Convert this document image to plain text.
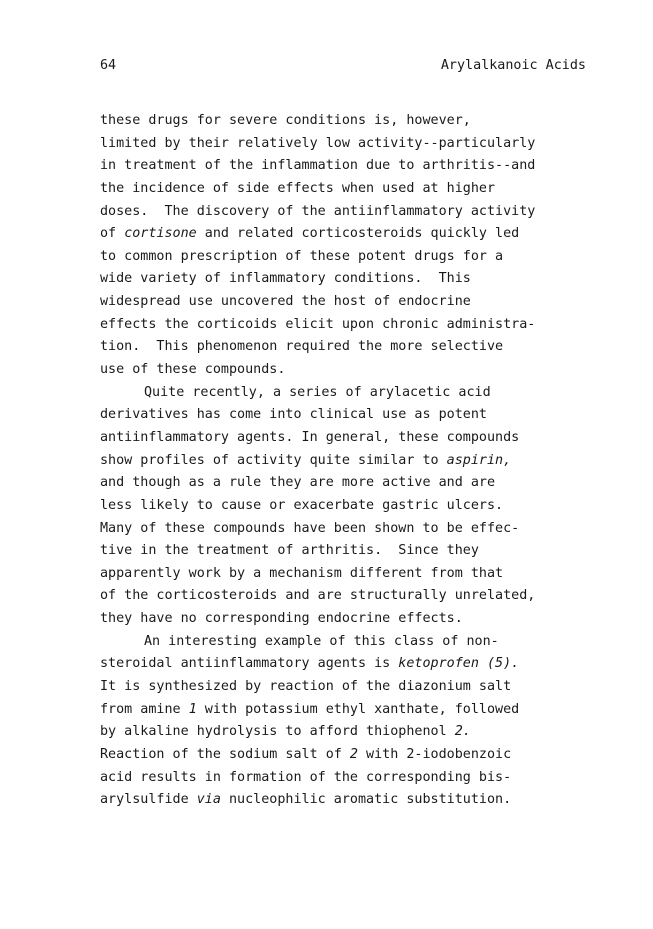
64	Arylalkanoic Acids
these drugs for severe conditions is, however,
limited by their relatively low activity--particularly
in treatment of the inflammation due to arthritis--and
the incidence of side effects when used at higher
doses.  The discovery of the antiinflammatory activity
of cortisone and related corticosteroids quickly led
to common prescription of these potent drugs for a
wide variety of inflammatory conditions.  This
widespread use uncovered the host of endocrine
effects the corticoids elicit upon chronic administra-
tion.  This phenomenon required the more selective
use of these compounds.
Quite recently, a series of arylacetic acid
derivatives has come into clinical use as potent
antiinflammatory agents. In general, these compounds
show profiles of activity quite similar to aspirin,
and though as a rule they are more active and are
less likely to cause or exacerbate gastric ulcers.
Many of these compounds have been shown to be effec-
tive in the treatment of arthritis.  Since they
apparently work by a mechanism different from that
of the corticosteroids and are structurally unrelated,
they have no corresponding endocrine effects.
An interesting example of this class of non-
steroidal antiinflammatory agents is ketoprofen (5).
It is synthesized by reaction of the diazonium salt
from amine 1 with potassium ethyl xanthate, followed
by alkaline hydrolysis to afford thiophenol 2.
Reaction of the sodium salt of 2 with 2-iodobenzoic
acid results in formation of the corresponding bis-
arylsulfide via nucleophilic aromatic substitution.
